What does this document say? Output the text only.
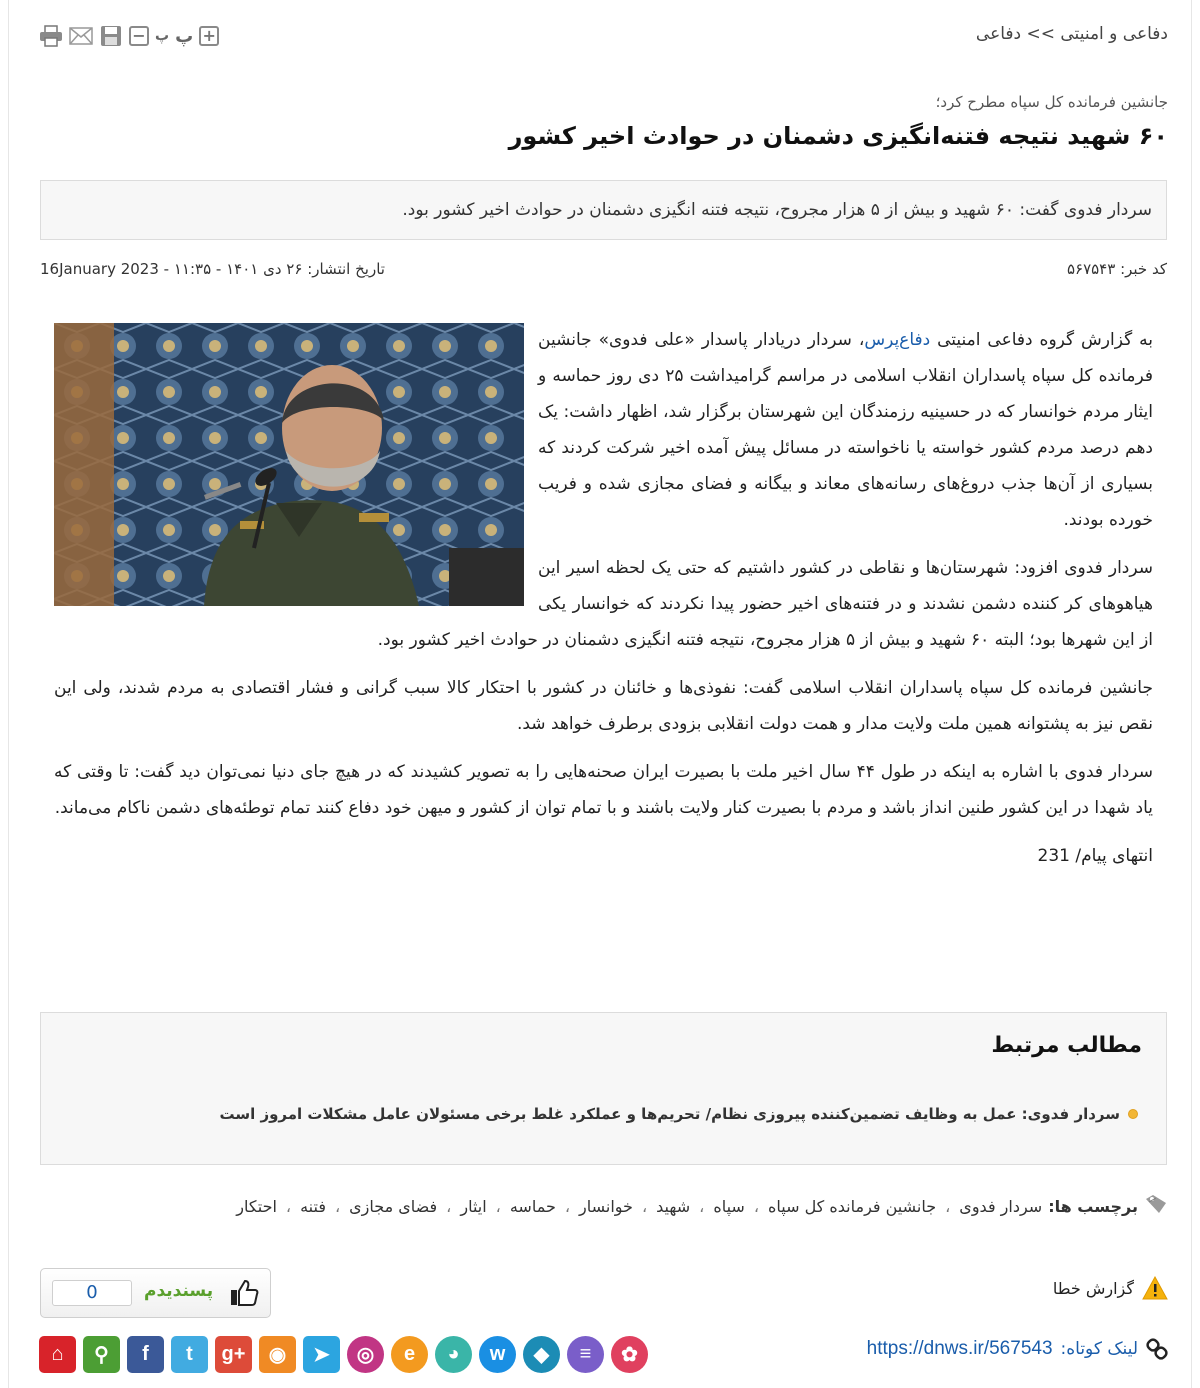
دفاعی و امنیتی >> دفاعی
− پ پ +
جانشین فرمانده کل سپاه مطرح کرد؛
۶۰ شهید نتیجه فتنه‌انگیزی دشمنان در حوادث اخیر کشور
سردار فدوی گفت: ۶۰ شهید و بیش از ۵ هزار مجروح، نتیجه فتنه انگیزی دشمنان در حوادث اخیر کشور بود.
کد خبر: ۵۶۷۵۴۳
تاریخ انتشار: ۲۶ دی ۱۴۰۱ - ۱۱:۳۵ - 16January 2023

به گزارش گروه دفاعی امنیتی دفاع‌پرس، سردار دریادار پاسدار «علی فدوی» جانشین فرمانده کل سپاه پاسداران انقلاب اسلامی در مراسم گرامیداشت ۲۵ دی روز حماسه و ایثار مردم خوانسار که در حسینیه رزمندگان این شهرستان برگزار شد، اظهار داشت: یک دهم درصد مردم کشور خواسته یا ناخواسته در مسائل پیش آمده اخیر شرکت کردند که بسیاری از آن‌ها جذب دروغ‌های رسانه‌های معاند و بیگانه و فضای مجازی شده و فریب خورده بودند.

سردار فدوی افزود: شهرستان‌ها و نقاطی در کشور داشتیم که حتی یک لحظه اسیر این هیاهوهای کر کننده دشمن نشدند و در فتنه‌های اخیر حضور پیدا نکردند که خوانسار یکی از این شهرها بود؛ البته ۶۰ شهید و بیش از ۵ هزار مجروح، نتیجه فتنه انگیزی دشمنان در حوادث اخیر کشور بود.

جانشین فرمانده کل سپاه پاسداران انقلاب اسلامی گفت: نفوذی‌ها و خائنان در کشور با احتکار کالا سبب گرانی و فشار اقتصادی به مردم شدند، ولی این نقص نیز به پشتوانه همین ملت ولایت مدار و همت دولت انقلابی بزودی برطرف خواهد شد.

سردار فدوی با اشاره به اینکه در طول ۴۴ سال اخیر ملت با بصیرت ایران صحنه‌هایی را به تصویر کشیدند که در هیچ جای دنیا نمی‌توان دید گفت: تا وقتی که یاد شهدا در این کشور طنین انداز باشد و مردم با بصیرت کنار ولایت باشند و با تمام توان از کشور و میهن خود دفاع کنند تمام توطئه‌های دشمن ناکام می‌ماند.

انتهای پیام/ 231

مطالب مرتبط
سردار فدوی: عمل به وظایف تضمین‌کننده پیروزی نظام/ تحریم‌ها و عملکرد غلط برخی مسئولان عامل مشکلات امروز است
برچسب ها:
سردار فدوی
،
جانشین فرمانده کل سپاه
،
سپاه
،
شهید
،
خوانسار
،
حماسه
،
ایثار
،
فضای مجازی
،
فتنه
،
احتکار
0	پسندیدم	گزارش خطا
لینک کوتاه:
https://dnws.ir/567543
⌂	⚲	f	t	g+	◉	➤	◎	e	◕	w	◆	≡	✿
